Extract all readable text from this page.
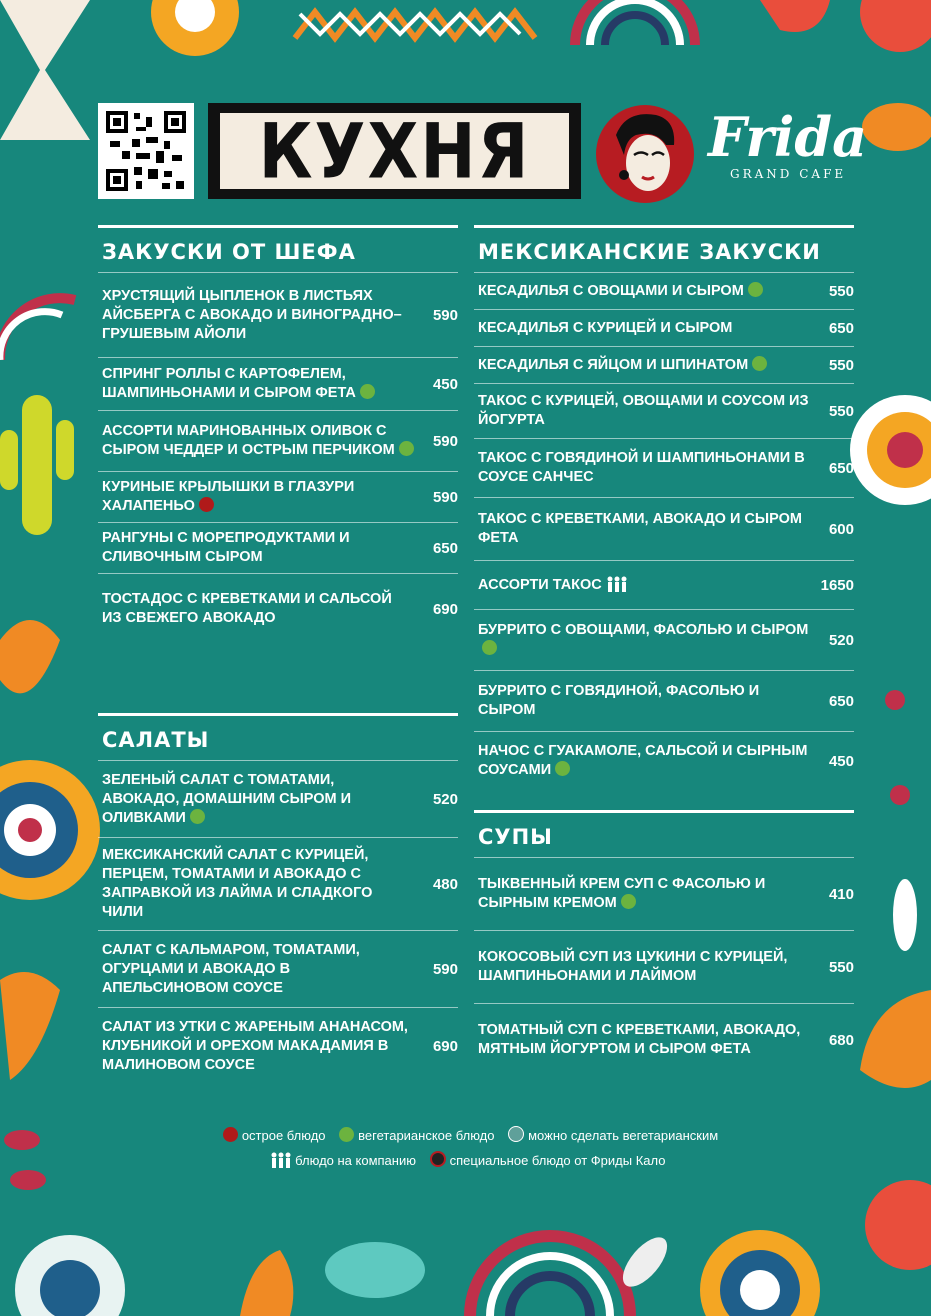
КУХНЯ	Frida
GRAND CAFE
ЗАКУСКИ ОТ ШЕФА
ХРУСТЯЩИЙ ЦЫПЛЕНОК В ЛИСТЬЯХ АЙСБЕРГА С АВОКАДО И ВИНОГРАДНО–ГРУШЕВЫМ АЙОЛИ
590
СПРИНГ РОЛЛЫ С КАРТОФЕЛЕМ, ШАМПИНЬОНАМИ И СЫРОМ ФЕТА
450
АССОРТИ МАРИНОВАННЫХ ОЛИВОК С СЫРОМ ЧЕДДЕР И ОСТРЫМ ПЕРЧИКОМ
590
КУРИНЫЕ КРЫЛЫШКИ В ГЛАЗУРИ ХАЛАПЕНЬО
590
РАНГУНЫ С МОРЕПРОДУКТАМИ И СЛИВОЧНЫМ СЫРОМ
650
ТОСТАДОС С КРЕВЕТКАМИ И САЛЬСОЙ ИЗ СВЕЖЕГО АВОКАДО
690
САЛАТЫ
ЗЕЛЕНЫЙ САЛАТ С ТОМАТАМИ, АВОКАДО, ДОМАШНИМ СЫРОМ И ОЛИВКАМИ
520
МЕКСИКАНСКИЙ САЛАТ С КУРИЦЕЙ, ПЕРЦЕМ, ТОМАТАМИ И АВОКАДО С ЗАПРАВКОЙ ИЗ ЛАЙМА И СЛАДКОГО ЧИЛИ
480
САЛАТ С КАЛЬМАРОМ, ТОМАТАМИ, ОГУРЦАМИ И АВОКАДО В АПЕЛЬСИНОВОМ СОУСЕ
590
САЛАТ ИЗ УТКИ С ЖАРЕНЫМ АНАНАСОМ, КЛУБНИКОЙ И ОРЕХОМ МАКАДАМИЯ В МАЛИНОВОМ СОУСЕ
690
МЕКСИКАНСКИЕ ЗАКУСКИ
КЕСАДИЛЬЯ С ОВОЩАМИ И СЫРОМ	550
КЕСАДИЛЬЯ С КУРИЦЕЙ И СЫРОМ	650
КЕСАДИЛЬЯ С ЯЙЦОМ И ШПИНАТОМ	550
ТАКОС С КУРИЦЕЙ, ОВОЩАМИ И СОУСОМ ИЗ ЙОГУРТА
550
ТАКОС С ГОВЯДИНОЙ И ШАМПИНЬОНАМИ В СОУСЕ САНЧЕС
650
ТАКОС С КРЕВЕТКАМИ, АВОКАДО И СЫРОМ ФЕТА
600
АССОРТИ ТАКОС	1650
БУРРИТО С ОВОЩАМИ, ФАСОЛЬЮ И СЫРОМ
520
БУРРИТО С ГОВЯДИНОЙ, ФАСОЛЬЮ И СЫРОМ
650
НАЧОС С ГУАКАМОЛЕ, САЛЬСОЙ И СЫРНЫМ СОУСАМИ
450
СУПЫ
ТЫКВЕННЫЙ КРЕМ СУП С ФАСОЛЬЮ И СЫРНЫМ КРЕМОМ
410
КОКОСОВЫЙ СУП ИЗ ЦУКИНИ С КУРИЦЕЙ, ШАМПИНЬОНАМИ И ЛАЙМОМ
550
ТОМАТНЫЙ СУП С КРЕВЕТКАМИ, АВОКАДО, МЯТНЫМ ЙОГУРТОМ И СЫРОМ ФЕТА
680
острое блюдо	вегетарианское блюдо	можно сделать вегетарианским
блюдо на компанию	специальное блюдо от Фриды Кало
